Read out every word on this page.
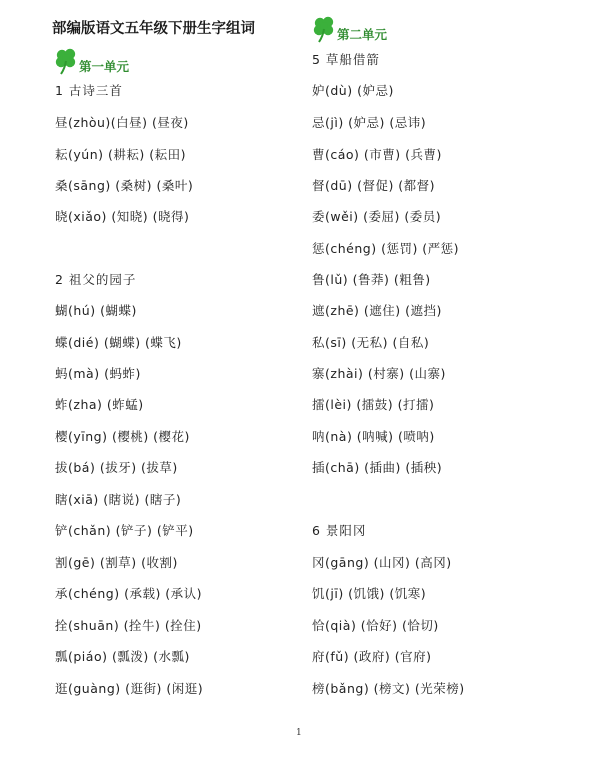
部编版语文五年级下册生字组词
第一单元
第二单元
1 古诗三首
昼(zhòu)(白昼) (昼夜)
耘(yún) (耕耘) (耘田)
桑(sāng) (桑树) (桑叶)
晓(xiǎo) (知晓) (晓得)
2 祖父的园子
蝴(hú) (蝴蝶)
蝶(dié) (蝴蝶) (蝶飞)
蚂(mà) (蚂蚱)
蚱(zha) (蚱蜢)
樱(yīng) (樱桃) (樱花)
拔(bá) (拔牙) (拔草)
瞎(xiā) (瞎说) (瞎子)
铲(chǎn) (铲子) (铲平)
割(gē) (割草) (收割)
承(chéng) (承载) (承认)
拴(shuān) (拴牛) (拴住)
瓢(piáo) (瓢泼) (水瓢)
逛(guàng) (逛街) (闲逛)
5 草船借箭
妒(dù) (妒忌)
忌(jì) (妒忌) (忌讳)
曹(cáo) (市曹) (兵曹)
督(dū) (督促) (都督)
委(wěi) (委屈) (委员)
惩(chéng) (惩罚) (严惩)
鲁(lǔ) (鲁莽) (粗鲁)
遮(zhē) (遮住) (遮挡)
私(sī) (无私) (自私)
寨(zhài) (村寨) (山寨)
擂(lèi) (擂鼓) (打擂)
呐(nà) (呐喊) (喷呐)
插(chā) (插曲) (插秧)
6 景阳冈
冈(gāng) (山冈) (高冈)
饥(jī) (饥饿) (饥寒)
恰(qià) (恰好) (恰切)
府(fǔ) (政府) (官府)
榜(bǎng) (榜文) (光荣榜)
1
